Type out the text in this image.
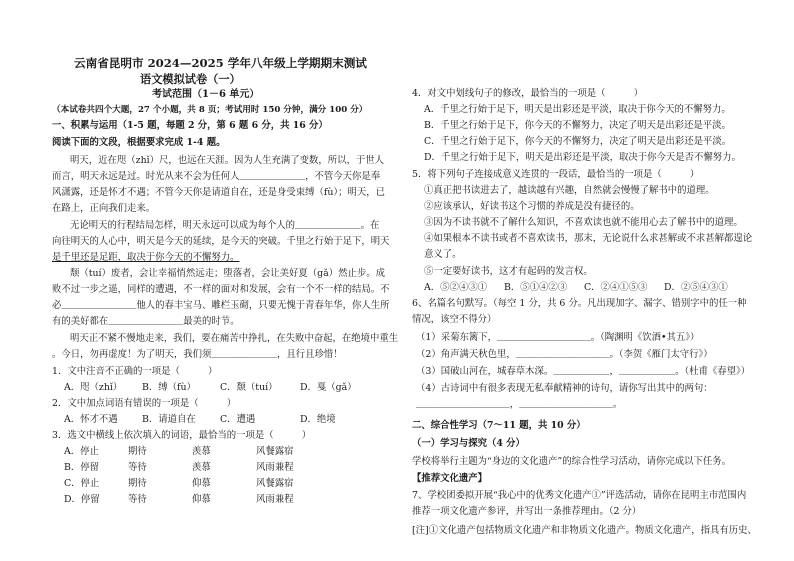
云南省昆明市 2024—2025 学年八年级上学期期末测试
语文模拟试卷（一）
考试范围（1－6 单元）
（本试卷共四个大题，27 个小题，共 8 页；考试用时 150 分钟，满分 100 分）
一、积累与运用（1-5 题，每题 2 分，第 6 题 6 分，共 16 分）
阅读下面的文段，根据要求完成 1-4 题。
明天，近在咫（zhǐ）尺，也远在天涯。因为人生充满了变数，所以，于世人
而言，明天永远是过。时光从来不会为任何人＿＿＿＿＿＿＿，不管今天你是奉
风潇露，还是怀才不遇；不管今天你是请道自在，还是身受束缚（fù）；明天，已
在路上，正向我们走来。
无论明天的行程结局怎样，明天永远可以成为每个人的＿＿＿＿＿＿＿。在
向往明天的人心中，明天是今天的延续，是今天的突破。千里之行始于足下，明天
是千里还是足距，取决于你今天的不懈努力。
颓（tuí）废者，会让幸福悄然远走；堕落者，会让美好夏（gǎ）然止步。成
败不过一步之遥，同样的遭遇，不一样的面对和发展，会有一个不一样的结局。不
必＿＿＿＿＿＿＿＿他人的春丰宝马、雕栏玉砌，只要无愧于青春年华，你人生所
有的美好都在＿＿＿＿＿＿＿＿最美的时节。
明天正不紧不慢地走来，我们，要在痛苦中挣扎，在失败中奋起，在绝境中重生
。今日，勿再虚度！为了明天，我们须＿＿＿＿＿＿＿，且行且珍惜！
1．文中注音不正确的一项是（　　　）
A．咫（zhǐ） B．缚（fù）	C．颓（tuí） D．戛（gǎ）
2．文中加点词语有错误的一项是（　　　）
A．怀才不遇	B．请道自在	C．遭遇	D．绝境
3．选文中横线上依次填入的词语，最恰当的一项是（　　　）
A．停止	期待	羡慕	风餐露宿
B．停留	等待	羡慕	风雨兼程
C．停止	期待	仰慕	风餐露宿
D．停留	等待	仰慕	风雨兼程
4．对文中划线句子的修改，最恰当的一项是（　　　）
A．千里之行始于足下，明天是出彩还是平淡，取决于你今天的不懈努力。
B．千里之行始于足下，你今天的不懈努力，决定了明天是出彩还是平淡。
C．千里之行始于足下，你今天的不懈努力，决定了明天是出彩还是平淡。
D．千里之行始于足下，明天是出彩还是平淡，取决于你今天是否不懈努力。
5．将下列句子连接成意义连贯的一段话，最恰当的一项是（　　　）
①真正把书读进去了，越读越有兴趣，自然就会慢慢了解书中的道理。
②应该承认，好读书这个习惯的养成是没有捷径的。
③因为不读书就不了解什么知识，不喜欢读也就不能用心去了解书中的道理。
④如果根本不读书或者不喜欢读书，那末，无论说什么求甚解或不求甚解都遑论
意义了。
⑤一定要好读书，这才有起码的发言权。
A．⑤②④③① B．⑤①④②③ C．②④①⑤③ D．②⑤④③①
6、名篇名句默写。（每空 1 分，共 6 分。凡出现加字、漏字、错别字中的任一种
情况，该空不得分）
（1）采菊东篱下，＿＿＿＿＿＿＿＿＿＿。（陶渊明《饮酒•其五》）
（2）角声满天秋色里，＿＿＿＿＿＿＿＿＿＿。（李贺《雁门太守行》）
（3）国破山河在，城春草木深。＿＿＿＿＿＿，＿＿＿＿＿＿。（杜甫《春望》）
（4）古诗词中有很多表现无私奉献精神的诗句，请你写出其中的两句：
＿＿＿＿＿＿＿＿＿＿，＿＿＿＿＿＿＿＿＿＿。
二、综合性学习（7～11 题，共 10 分）
（一）学习与探究（4 分）
学校将举行主题为“身边的文化遗产”的综合性学习活动，请你完成以下任务。
【推荐文化遗产】
7、学校团委拟开展“我心中的优秀文化遗产①”评选活动，请你在昆明主市范围内
推荐一项文化遗产参评，并写出一条推荐理由。（2 分）
[注]①文化遗产包括物质文化遗产和非物质文化遗产。物质文化遗产，指具有历史、
